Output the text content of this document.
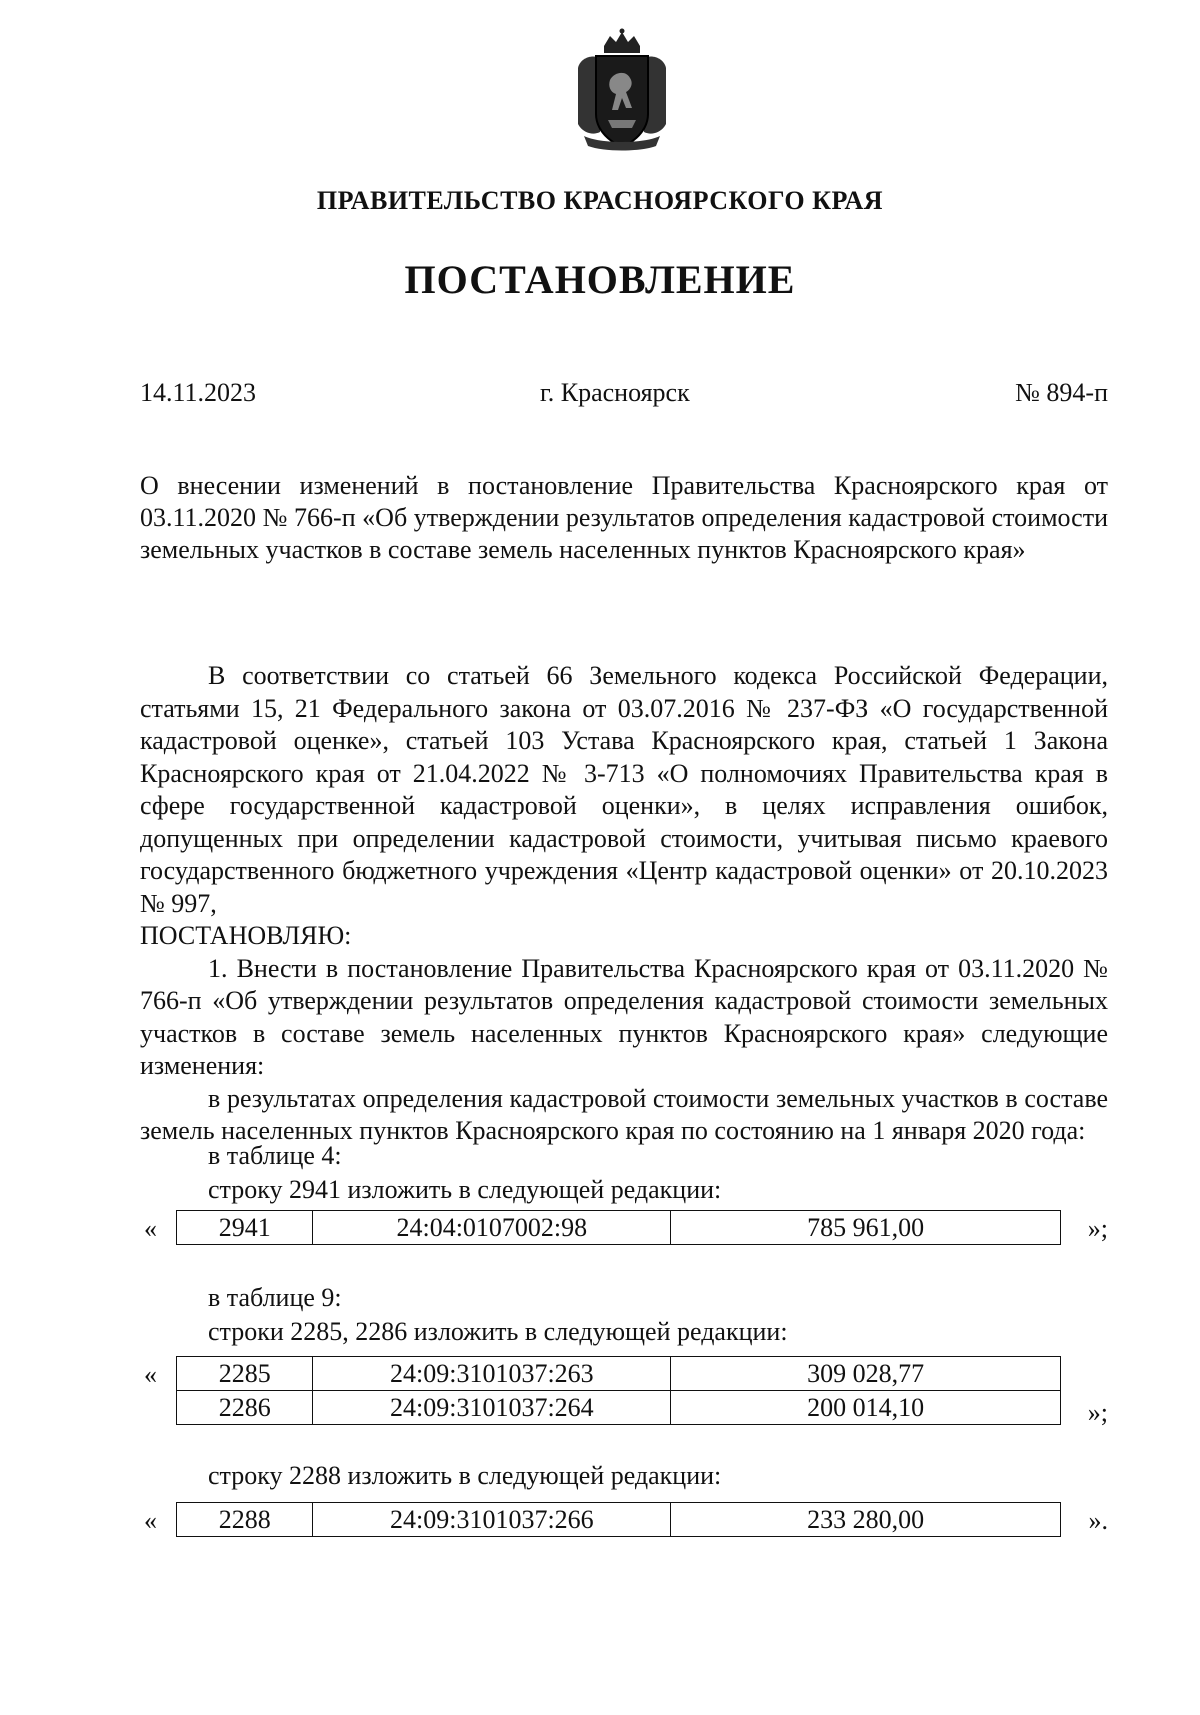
ПРАВИТЕЛЬСТВО КРАСНОЯРСКОГО КРАЯ
ПОСТАНОВЛЕНИЕ
14.11.2023	г. Красноярск	№ 894-п
О внесении изменений в постановление Правительства Красноярского края от 03.11.2020 № 766-п «Об утверждении результатов определения кадастровой стоимости земельных участков в составе земель населенных пунктов Красноярского края»

В соответствии со статьей 66 Земельного кодекса Российской Федерации, статьями 15, 21 Федерального закона от 03.07.2016 № 237-ФЗ «О государственной кадастровой оценке», статьей 103 Устава Красноярского края, статьей 1 Закона Красноярского края от 21.04.2022 № 3-713 «О полномочиях Правительства края в сфере государственной кадастровой оценки», в целях исправления ошибок, допущенных при определении кадастровой стоимости, учитывая письмо краевого государственного бюджетного учреждения «Центр кадастровой оценки» от 20.10.2023 № 997,

ПОСТАНОВЛЯЮ:

1. Внести в постановление Правительства Красноярского края от 03.11.2020 № 766-п «Об утверждении результатов определения кадастровой стоимости земельных участков в составе земель населенных пунктов Красноярского края» следующие изменения:

в результатах определения кадастровой стоимости земельных участков в составе земель населенных пунктов Красноярского края по состоянию на 1 января 2020 года:

в таблице 4:
строку 2941 изложить в следующей редакции:
« 2941	24:04:0107002:98	785 961,00	»;
в таблице 9:
строки 2285, 2286 изложить в следующей редакции:
« 2285	24:09:3101037:263	309 028,77
2286	24:09:3101037:264	200 014,10	»;
строку 2288 изложить в следующей редакции:
« 2288	24:09:3101037:266	233 280,00	».
